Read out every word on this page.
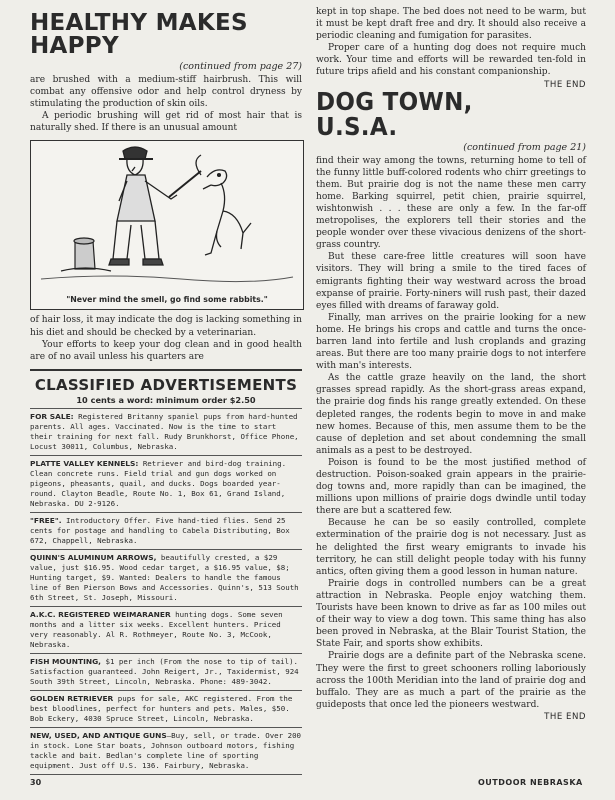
HEALTHY MAKES HAPPY
(continued from page 27)

are brushed with a medium-stiff hairbrush. This will combat any offensive odor and help control dryness by stimulating the production of skin oils.

A periodic brushing will get rid of most hair that is naturally shed. If there is an unusual amount

"Never mind the smell, go find some rabbits."

of hair loss, it may indicate the dog is lacking something in his diet and should be checked by a veterinarian.

Your efforts to keep your dog clean and in good health are of no avail unless his quarters are

CLASSIFIED ADVERTISEMENTS
10 cents a word: minimum order $2.50
FOR SALE: Registered Britanny spaniel pups from hard-hunted parents. All ages. Vaccinated. Now is the time to start their training for next fall. Rudy Brunkhorst, Office Phone, Locust 30011, Columbus, Nebraska.
PLATTE VALLEY KENNELS: Retriever and bird-dog training. Clean concrete runs. Field trial and gun dogs worked on pigeons, pheasants, quail, and ducks. Dogs boarded year-round. Clayton Beadle, Route No. 1, Box 61, Grand Island, Nebraska. DU 2-9126.
"FREE". Introductory Offer. Five hand-tied flies. Send 25 cents for postage and handling to Cabela Distributing, Box 672, Chappell, Nebraska.
QUINN'S ALUMINUM ARROWS, beautifully crested, a $29 value, just $16.95. Wood cedar target, a $16.95 value, $8; Hunting target, $9. Wanted: Dealers to handle the famous line of Ben Pierson Bows and Accessories. Quinn's, 513 South 6th Street, St. Joseph, Missouri.
A.K.C. REGISTERED WEIMARANER hunting dogs. Some seven months and a litter six weeks. Excellent hunters. Priced very reasonably. Al R. Rothmeyer, Route No. 3, McCook, Nebraska.
FISH MOUNTING, $1 per inch (From the nose to tip of tail). Satisfaction guaranteed. John Reigert, Jr., Taxidermist, 924 South 39th Street, Lincoln, Nebraska. Phone: 489-3042.
GOLDEN RETRIEVER pups for sale, AKC registered. From the best bloodlines, perfect for hunters and pets. Males, $50. Bob Eckery, 4030 Spruce Street, Lincoln, Nebraska.
NEW, USED, AND ANTIQUE GUNS—Buy, sell, or trade. Over 200 in stock. Lone Star boats, Johnson outboard motors, fishing tackle and bait. Bedlan's complete line of sporting equipment. Just off U.S. 136. Fairbury, Nebraska.

kept in top shape. The bed does not need to be warm, but it must be kept draft free and dry. It should also receive a periodic cleaning and fumigation for parasites.

Proper care of a hunting dog does not require much work. Your time and efforts will be rewarded ten-fold in future trips afield and his constant companionship.
THE END

DOG TOWN, U.S.A.
(continued from page 21)

find their way among the towns, returning home to tell of the funny little buff-colored rodents who chirr greetings to them. But prairie dog is not the name these men carry home. Barking squirrel, petit chien, prairie squirrel, wishtonwish . . . these are only a few. In the far-off metropolises, the explorers tell their stories and the people wonder over these vivacious denizens of the short-grass country.

But these care-free little creatures will soon have visitors. They will bring a smile to the tired faces of emigrants fighting their way westward across the broad expanse of prairie. Forty-niners will rush past, their dazed eyes filled with dreams of faraway gold.

Finally, man arrives on the prairie looking for a new home. He brings his crops and cattle and turns the once-barren land into fertile and lush croplands and grazing areas. But there are too many prairie dogs to not interfere with man's interests.

As the cattle graze heavily on the land, the short grasses spread rapidly. As the short-grass areas expand, the prairie dog finds his range greatly extended. On these depleted ranges, the rodents begin to move in and make new homes. Because of this, men assume them to be the cause of depletion and set about condemning the small animals as a pest to be destroyed.

Poison is found to be the most justified method of destruction. Poison-soaked grain appears in the prairie-dog towns and, more rapidly than can be imagined, the millions upon millions of prairie dogs dwindle until today there are but a scattered few.

Because he can be so easily controlled, complete extermination of the prairie dog is not necessary. Just as he delighted the first weary emigrants to invade his territory, he can still delight people today with his funny antics, often giving them a good lesson in human nature.

Prairie dogs in controlled numbers can be a great attraction in Nebraska. People enjoy watching them. Tourists have been known to drive as far as 100 miles out of their way to view a dog town. This same thing has also been proved in Nebraska, at the Blair Tourist Station, the State Fair, and sports show exhibits.

Prairie dogs are a definite part of the Nebraska scene. They were the first to greet schooners rolling laboriously across the 100th Meridian into the land of prairie dog and buffalo. They are as much a part of the prairie as the guideposts that once led the pioneers westward.
THE END

30	OUTDOOR NEBRASKA
